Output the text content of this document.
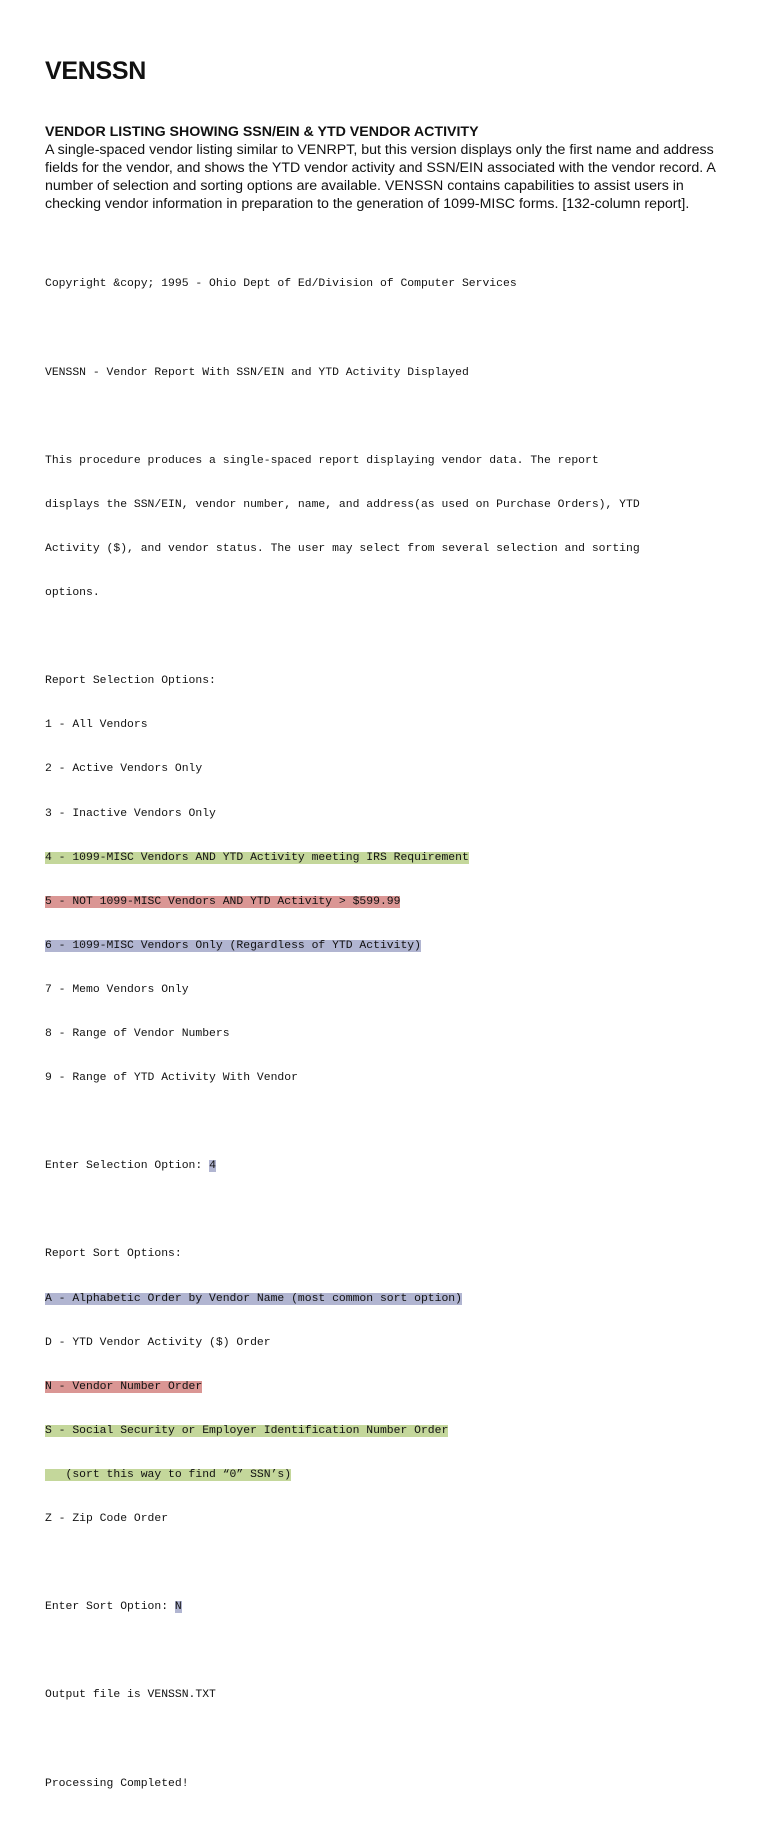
VENSSN
VENDOR LISTING SHOWING SSN/EIN & YTD VENDOR ACTIVITY
A single-spaced vendor listing similar to VENRPT, but this version displays only the first name and address fields for the vendor, and shows the YTD vendor activity and SSN/EIN associated with the vendor record. A number of selection and sorting options are available. VENSSN contains capabilities to assist users in checking vendor information in preparation to the generation of 1099-MISC forms. [132-column report].

Copyright &copy; 1995 - Ohio Dept of Ed/Division of Computer Services

VENSSN - Vendor Report With SSN/EIN and YTD Activity Displayed

This procedure produces a single-spaced report displaying vendor data. The report

displays the SSN/EIN, vendor number, name, and address(as used on Purchase Orders), YTD

Activity ($), and vendor status. The user may select from several selection and sorting

options.

Report Selection Options:

1 - All Vendors

2 - Active Vendors Only

3 - Inactive Vendors Only

4 - 1099-MISC Vendors AND YTD Activity meeting IRS Requirement

5 - NOT 1099-MISC Vendors AND YTD Activity > $599.99

6 - 1099-MISC Vendors Only (Regardless of YTD Activity)

7 - Memo Vendors Only

8 - Range of Vendor Numbers

9 - Range of YTD Activity With Vendor

Enter Selection Option: 4

Report Sort Options:

A - Alphabetic Order by Vendor Name (most common sort option)

D - YTD Vendor Activity ($) Order

N - Vendor Number Order

S - Social Security or Employer Identification Number Order

(sort this way to find “0” SSN’s)

Z - Zip Code Order

Enter Sort Option: N

Output file is VENSSN.TXT

Processing Completed!
